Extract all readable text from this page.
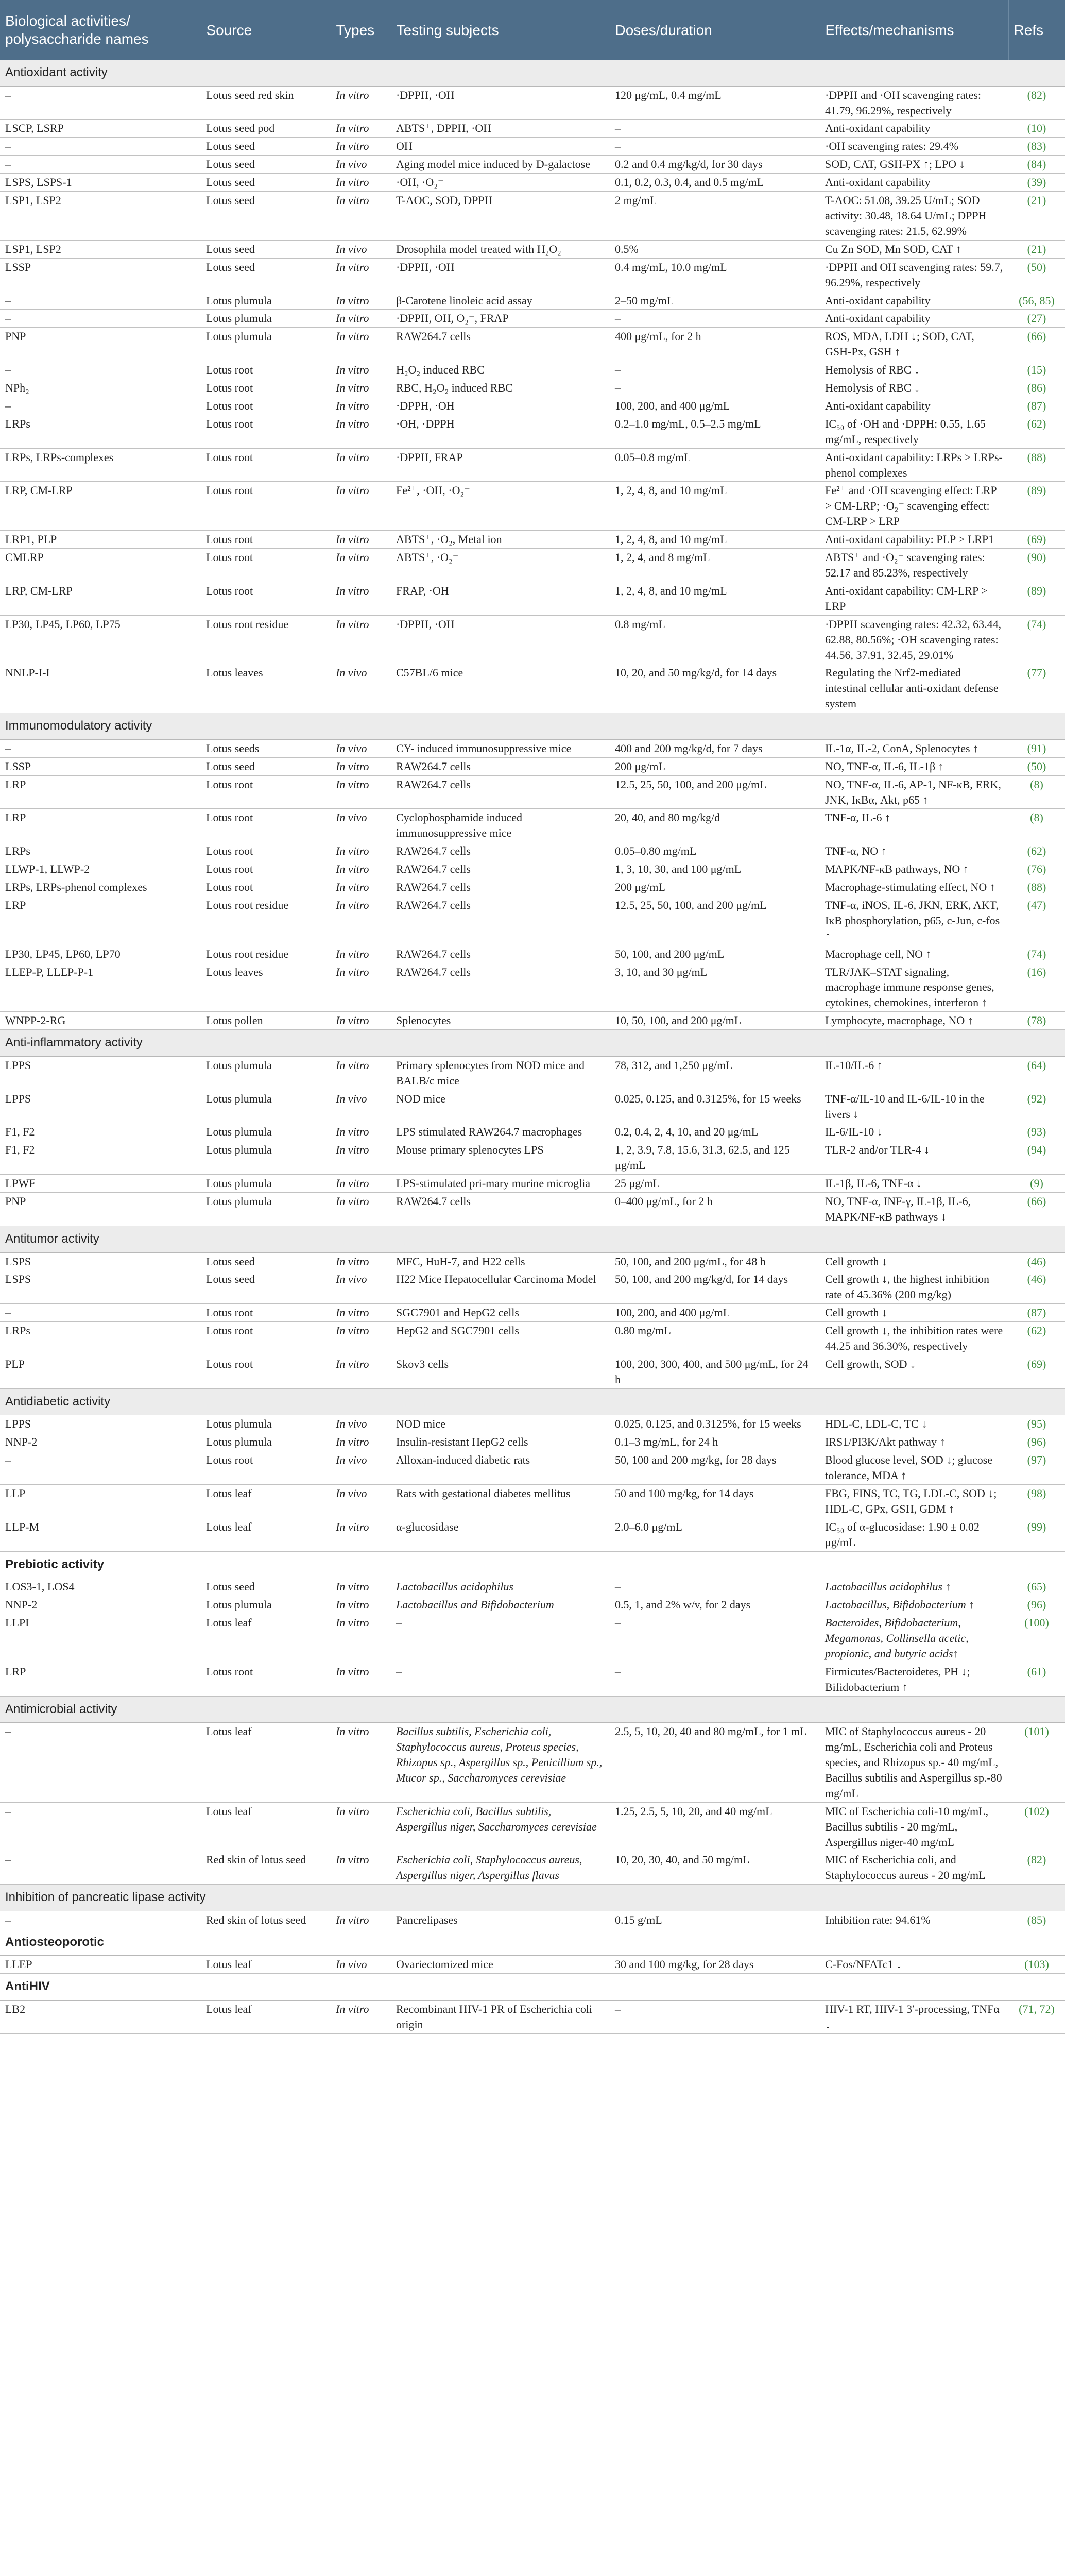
Biological activities/ polysaccharide names	Source	Types	Testing subjects	Doses/duration	Effects/mechanisms	Refs
Antioxidant activity						
–	Lotus seed red skin	In vitro	·DPPH, ·OH	120 μg/mL, 0.4 mg/mL	·DPPH and ·OH scavenging rates: 41.79, 96.29%, respectively	(82)
LSCP, LSRP	Lotus seed pod	In vitro	ABTS⁺, DPPH, ·OH	–	Anti-oxidant capability	(10)
–	Lotus seed	In vitro	OH	–	·OH scavenging rates: 29.4%	(83)
–	Lotus seed	In vivo	Aging model mice induced by D-galactose	0.2 and 0.4 mg/kg/d, for 30 days	SOD, CAT, GSH-PX ↑; LPO ↓	(84)
LSPS, LSPS-1	Lotus seed	In vitro	·OH, ·O₂⁻	0.1, 0.2, 0.3, 0.4, and 0.5 mg/mL	Anti-oxidant capability	(39)
LSP1, LSP2	Lotus seed	In vitro	T-AOC, SOD, DPPH	2 mg/mL	T-AOC: 51.08, 39.25 U/mL; SOD activity: 30.48, 18.64 U/mL; DPPH scavenging rates: 21.5, 62.99%	(21)
LSP1, LSP2	Lotus seed	In vivo	Drosophila model treated with H₂O₂	0.5%	Cu Zn SOD, Mn SOD, CAT ↑	(21)
LSSP	Lotus seed	In vitro	·DPPH, ·OH	0.4 mg/mL, 10.0 mg/mL	·DPPH and OH scavenging rates: 59.7, 96.29%, respectively	(50)
–	Lotus plumula	In vitro	β-Carotene linoleic acid assay	2–50 mg/mL	Anti-oxidant capability	(56, 85)
–	Lotus plumula	In vitro	·DPPH, OH, O₂⁻, FRAP	–	Anti-oxidant capability	(27)
PNP	Lotus plumula	In vitro	RAW264.7 cells	400 μg/mL, for 2 h	ROS, MDA, LDH ↓; SOD, CAT, GSH-Px, GSH ↑	(66)
–	Lotus root	In vitro	H₂O₂ induced RBC	–	Hemolysis of RBC ↓	(15)
NPh₂	Lotus root	In vitro	RBC, H₂O₂ induced RBC	–	Hemolysis of RBC ↓	(86)
–	Lotus root	In vitro	·DPPH, ·OH	100, 200, and 400 μg/mL	Anti-oxidant capability	(87)
LRPs	Lotus root	In vitro	·OH, ·DPPH	0.2–1.0 mg/mL, 0.5–2.5 mg/mL	IC₅₀ of ·OH and ·DPPH: 0.55, 1.65 mg/mL, respectively	(62)
LRPs, LRPs-complexes	Lotus root	In vitro	·DPPH, FRAP	0.05–0.8 mg/mL	Anti-oxidant capability: LRPs > LRPs-phenol complexes	(88)
LRP, CM-LRP	Lotus root	In vitro	Fe²⁺, ·OH, ·O₂⁻	1, 2, 4, 8, and 10 mg/mL	Fe²⁺ and ·OH scavenging effect: LRP > CM-LRP; ·O₂⁻ scavenging effect: CM-LRP > LRP	(89)
LRP1, PLP	Lotus root	In vitro	ABTS⁺, ·O₂, Metal ion	1, 2, 4, 8, and 10 mg/mL	Anti-oxidant capability: PLP > LRP1	(69)
CMLRP	Lotus root	In vitro	ABTS⁺, ·O₂⁻	1, 2, 4, and 8 mg/mL	ABTS⁺ and ·O₂⁻ scavenging rates: 52.17 and 85.23%, respectively	(90)
LRP, CM-LRP	Lotus root	In vitro	FRAP, ·OH	1, 2, 4, 8, and 10 mg/mL	Anti-oxidant capability: CM-LRP > LRP	(89)
LP30, LP45, LP60, LP75	Lotus root residue	In vitro	·DPPH, ·OH	0.8 mg/mL	·DPPH scavenging rates: 42.32, 63.44, 62.88, 80.56%; ·OH scavenging rates: 44.56, 37.91, 32.45, 29.01%	(74)
NNLP-I-I	Lotus leaves	In vivo	C57BL/6 mice	10, 20, and 50 mg/kg/d, for 14 days	Regulating the Nrf2-mediated intestinal cellular anti-oxidant defense system	(77)
Immunomodulatory activity						
–	Lotus seeds	In vivo	CY- induced immunosuppressive mice	400 and 200 mg/kg/d, for 7 days	IL-1α, IL-2, ConA, Splenocytes ↑	(91)
LSSP	Lotus seed	In vitro	RAW264.7 cells	200 μg/mL	NO, TNF-α, IL-6, IL-1β ↑	(50)
LRP	Lotus root	In vitro	RAW264.7 cells	12.5, 25, 50, 100, and 200 μg/mL	NO, TNF-α, IL-6, AP-1, NF-κB, ERK, JNK, IκBα, Akt, p65 ↑	(8)
LRP	Lotus root	In vivo	Cyclophosphamide induced immunosuppressive mice	20, 40, and 80 mg/kg/d	TNF-α, IL-6 ↑	(8)
LRPs	Lotus root	In vitro	RAW264.7 cells	0.05–0.80 mg/mL	TNF-α, NO ↑	(62)
LLWP-1, LLWP-2	Lotus root	In vitro	RAW264.7 cells	1, 3, 10, 30, and 100 μg/mL	MAPK/NF-κB pathways, NO ↑	(76)
LRPs, LRPs-phenol complexes	Lotus root	In vitro	RAW264.7 cells	200 μg/mL	Macrophage-stimulating effect, NO ↑	(88)
LRP	Lotus root residue	In vitro	RAW264.7 cells	12.5, 25, 50, 100, and 200 μg/mL	TNF-α, iNOS, IL-6, JKN, ERK, AKT, IκB phosphorylation, p65, c-Jun, c-fos ↑	(47)
LP30, LP45, LP60, LP70	Lotus root residue	In vitro	RAW264.7 cells	50, 100, and 200 μg/mL	Macrophage cell, NO ↑	(74)
LLEP-P, LLEP-P-1	Lotus leaves	In vitro	RAW264.7 cells	3, 10, and 30 μg/mL	TLR/JAK–STAT signaling, macrophage immune response genes, cytokines, chemokines, interferon ↑	(16)
WNPP-2-RG	Lotus pollen	In vitro	Splenocytes	10, 50, 100, and 200 μg/mL	Lymphocyte, macrophage, NO ↑	(78)
Anti-inflammatory activity						
LPPS	Lotus plumula	In vitro	Primary splenocytes from NOD mice and BALB/c mice	78, 312, and 1,250 μg/mL	IL-10/IL-6 ↑	(64)
LPPS	Lotus plumula	In vivo	NOD mice	0.025, 0.125, and 0.3125%, for 15 weeks	TNF-α/IL-10 and IL-6/IL-10 in the livers ↓	(92)
F1, F2	Lotus plumula	In vitro	LPS stimulated RAW264.7 macrophages	0.2, 0.4, 2, 4, 10, and 20 μg/mL	IL-6/IL-10 ↓	(93)
F1, F2	Lotus plumula	In vitro	Mouse primary splenocytes LPS	1, 2, 3.9, 7.8, 15.6, 31.3, 62.5, and 125 μg/mL	TLR-2 and/or TLR-4 ↓	(94)
LPWF	Lotus plumula	In vitro	LPS-stimulated pri-mary murine microglia	25 μg/mL	IL-1β, IL-6, TNF-α ↓	(9)
PNP	Lotus plumula	In vitro	RAW264.7 cells	0–400 μg/mL, for 2 h	NO, TNF-α, INF-γ, IL-1β, IL-6, MAPK/NF-κB pathways ↓	(66)
Antitumor activity						
LSPS	Lotus seed	In vitro	MFC, HuH-7, and H22 cells	50, 100, and 200 μg/mL, for 48 h	Cell growth ↓	(46)
LSPS	Lotus seed	In vivo	H22 Mice Hepatocellular Carcinoma Model	50, 100, and 200 mg/kg/d, for 14 days	Cell growth ↓, the highest inhibition rate of 45.36% (200 mg/kg)	(46)
–	Lotus root	In vitro	SGC7901 and HepG2 cells	100, 200, and 400 μg/mL	Cell growth ↓	(87)
LRPs	Lotus root	In vitro	HepG2 and SGC7901 cells	0.80 mg/mL	Cell growth ↓, the inhibition rates were 44.25 and 36.30%, respectively	(62)
PLP	Lotus root	In vitro	Skov3 cells	100, 200, 300, 400, and 500 μg/mL, for 24 h	Cell growth, SOD ↓	(69)
Antidiabetic activity						
LPPS	Lotus plumula	In vivo	NOD mice	0.025, 0.125, and 0.3125%, for 15 weeks	HDL-C, LDL-C, TC ↓	(95)
NNP-2	Lotus plumula	In vitro	Insulin-resistant HepG2 cells	0.1–3 mg/mL, for 24 h	IRS1/PI3K/Akt pathway ↑	(96)
–	Lotus root	In vivo	Alloxan-induced diabetic rats	50, 100 and 200 mg/kg, for 28 days	Blood glucose level, SOD ↓; glucose tolerance, MDA ↑	(97)
LLP	Lotus leaf	In vivo	Rats with gestational diabetes mellitus	50 and 100 mg/kg, for 14 days	FBG, FINS, TC, TG, LDL-C, SOD ↓; HDL-C, GPx, GSH, GDM ↑	(98)
LLP-M	Lotus leaf	In vitro	α-glucosidase	2.0–6.0 μg/mL	IC₅₀ of α-glucosidase: 1.90 ± 0.02 μg/mL	(99)
Prebiotic activity						
LOS3-1, LOS4	Lotus seed	In vitro	Lactobacillus acidophilus	–	Lactobacillus acidophilus ↑	(65)
NNP-2	Lotus plumula	In vitro	Lactobacillus and Bifidobacterium	0.5, 1, and 2% w/v, for 2 days	Lactobacillus, Bifidobacterium ↑	(96)
LLPI	Lotus leaf	In vitro	–	–	Bacteroides, Bifidobacterium, Megamonas, Collinsella acetic, propionic, and butyric acids↑	(100)
LRP	Lotus root	In vitro	–	–	Firmicutes/Bacteroidetes, PH ↓; Bifidobacterium ↑	(61)
Antimicrobial activity						
–	Lotus leaf	In vitro	Bacillus subtilis, Escherichia coli, Staphylococcus aureus, Proteus species, Rhizopus sp., Aspergillus sp., Penicillium sp., Mucor sp., Saccharomyces cerevisiae	2.5, 5, 10, 20, 40 and 80 mg/mL, for 1 mL	MIC of Staphylococcus aureus - 20 mg/mL, Escherichia coli and Proteus species, and Rhizopus sp.- 40 mg/mL, Bacillus subtilis and Aspergillus sp.-80 mg/mL	(101)
–	Lotus leaf	In vitro	Escherichia coli, Bacillus subtilis, Aspergillus niger, Saccharomyces cerevisiae	1.25, 2.5, 5, 10, 20, and 40 mg/mL	MIC of Escherichia coli-10 mg/mL, Bacillus subtilis - 20 mg/mL, Aspergillus niger-40 mg/mL	(102)
–	Red skin of lotus seed	In vitro	Escherichia coli, Staphylococcus aureus, Aspergillus niger, Aspergillus flavus	10, 20, 30, 40, and 50 mg/mL	MIC of Escherichia coli, and Staphylococcus aureus - 20 mg/mL	(82)
Inhibition of pancreatic lipase activity						
–	Red skin of lotus seed	In vitro	Pancrelipases	0.15 g/mL	Inhibition rate: 94.61%	(85)
Antiosteoporotic						
LLEP	Lotus leaf	In vivo	Ovariectomized mice	30 and 100 mg/kg, for 28 days	C-Fos/NFATc1 ↓	(103)
AntiHIV						
LB2	Lotus leaf	In vitro	Recombinant HIV-1 PR of Escherichia coli origin	–	HIV-1 RT, HIV-1 3′-processing, TNFα ↓	(71, 72)
